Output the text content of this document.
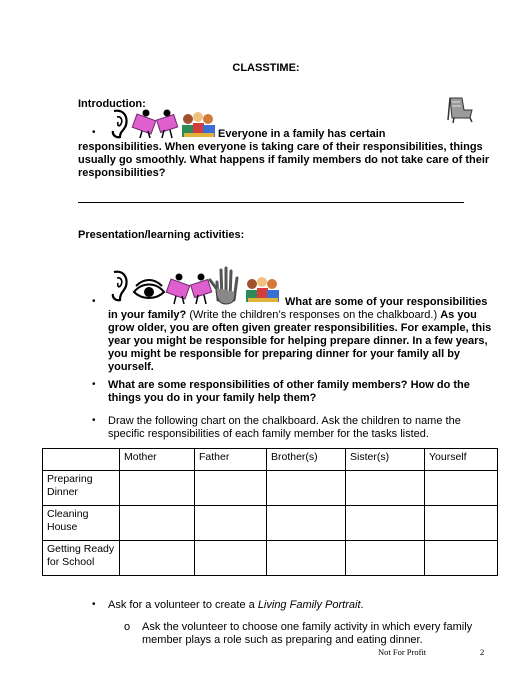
CLASSTIME:
Introduction:
•	Everyone in a family has certain
responsibilities. When everyone is taking care of their responsibilities, things
usually go smoothly. What happens if family members do not take care of their
responsibilities?
Presentation/learning activities:
•	What are some of your responsibilities
in your family? (Write the children’s responses on the chalkboard.) As you
grow older, you are often given greater responsibilities. For example, this
year you might be responsible for helping prepare dinner. In a few years,
you might be responsible for preparing dinner for your family all by
yourself.
• What are some responsibilities of other family members? How do the
things you do in your family help them?
• Draw the following chart on the chalkboard. Ask the children to name the
specific responsibilities of each family member for the tasks listed.
	Mother	Father	Brother(s)	Sister(s)	Yourself

Preparing
Dinner					

Cleaning
House					

Getting Ready
for School					

• Ask for a volunteer to create a Living Family Portrait.
o Ask the volunteer to choose one family activity in which every family
member plays a role such as preparing and eating dinner.
Not For Profit	2
